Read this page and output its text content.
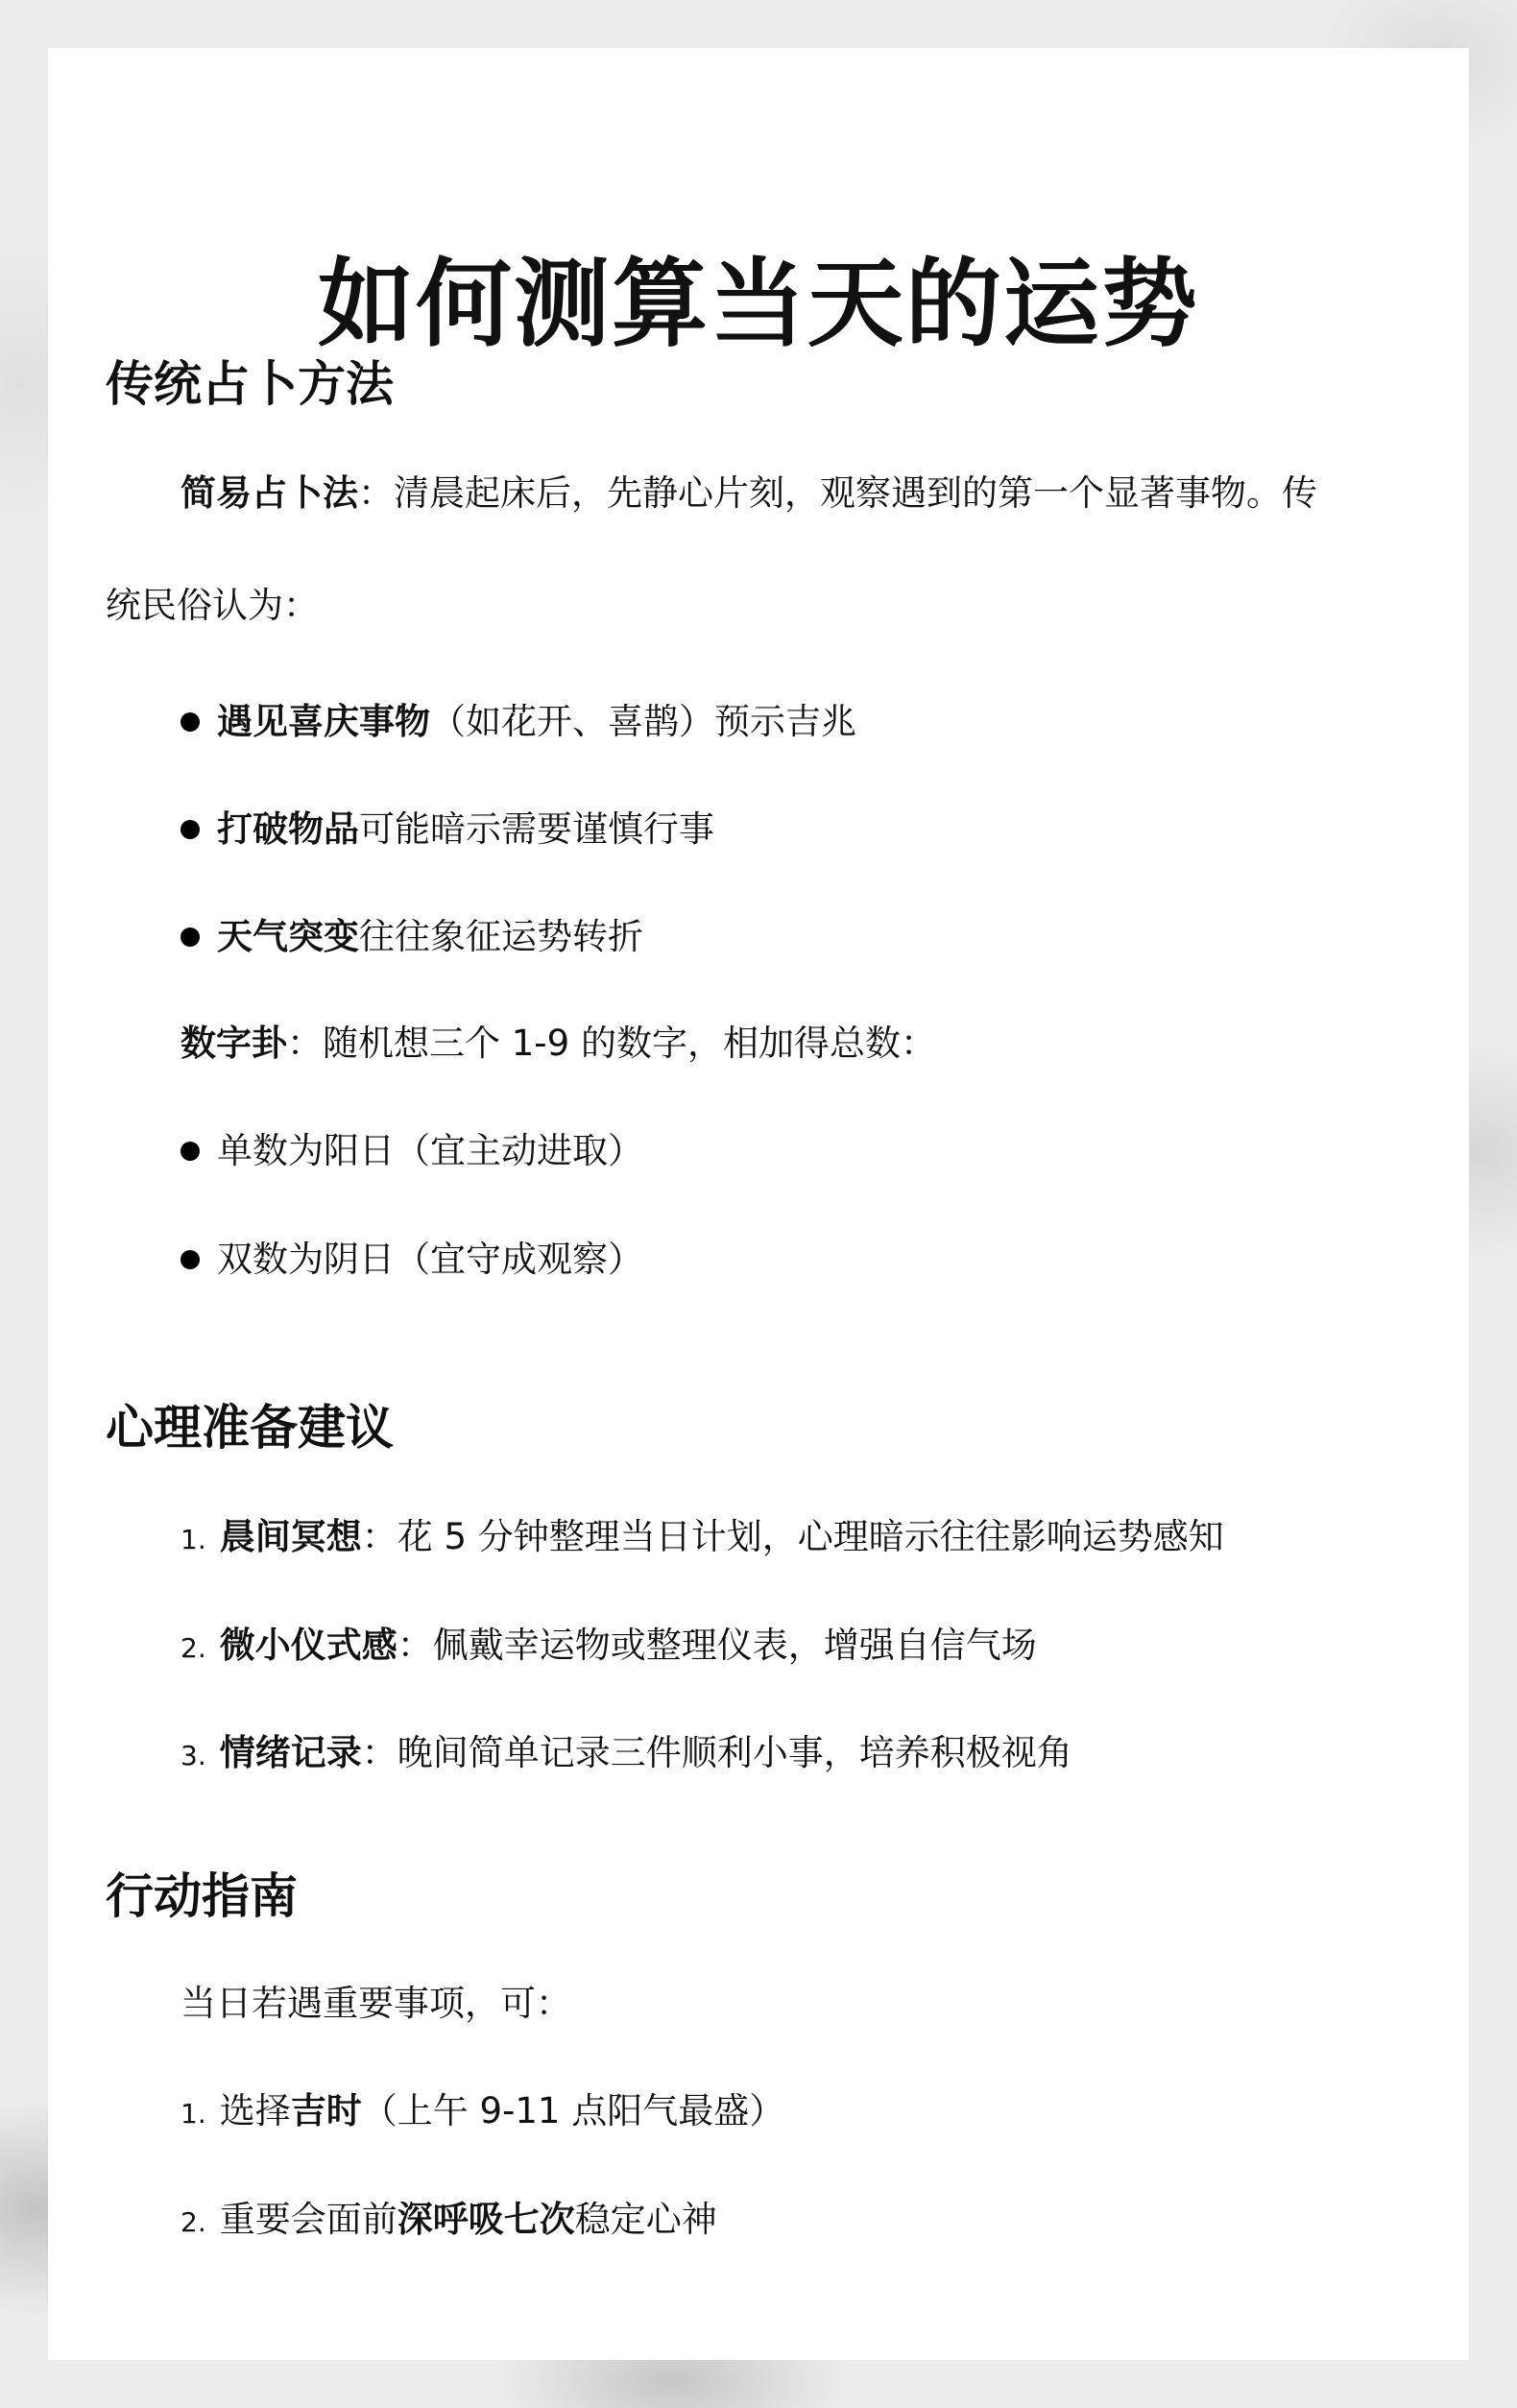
如何测算当天的运势
传统占卜方法
简易占卜法：清晨起床后，先静心片刻，观察遇到的第一个显著事物。传
统民俗认为：
遇见喜庆事物 （如花开、喜鹊）预示吉兆
打破物品 可能暗示需要谨慎行事
天气突变 往往象征运势转折
数字卦：随机想三个 1-9 的数字，相加得总数：
单数为阳日（宜主动进取）
双数为阴日（宜守成观察）
心理准备建议
1. 晨间冥想：花 5 分钟整理当日计划，心理暗示往往影响运势感知
2. 微小仪式感：佩戴幸运物或整理仪表，增强自信气场
3. 情绪记录：晚间简单记录三件顺利小事，培养积极视角
行动指南
当日若遇重要事项，可：
1. 选择吉时（上午 9-11 点阳气最盛）
2. 重要会面前深呼吸七次稳定心神
